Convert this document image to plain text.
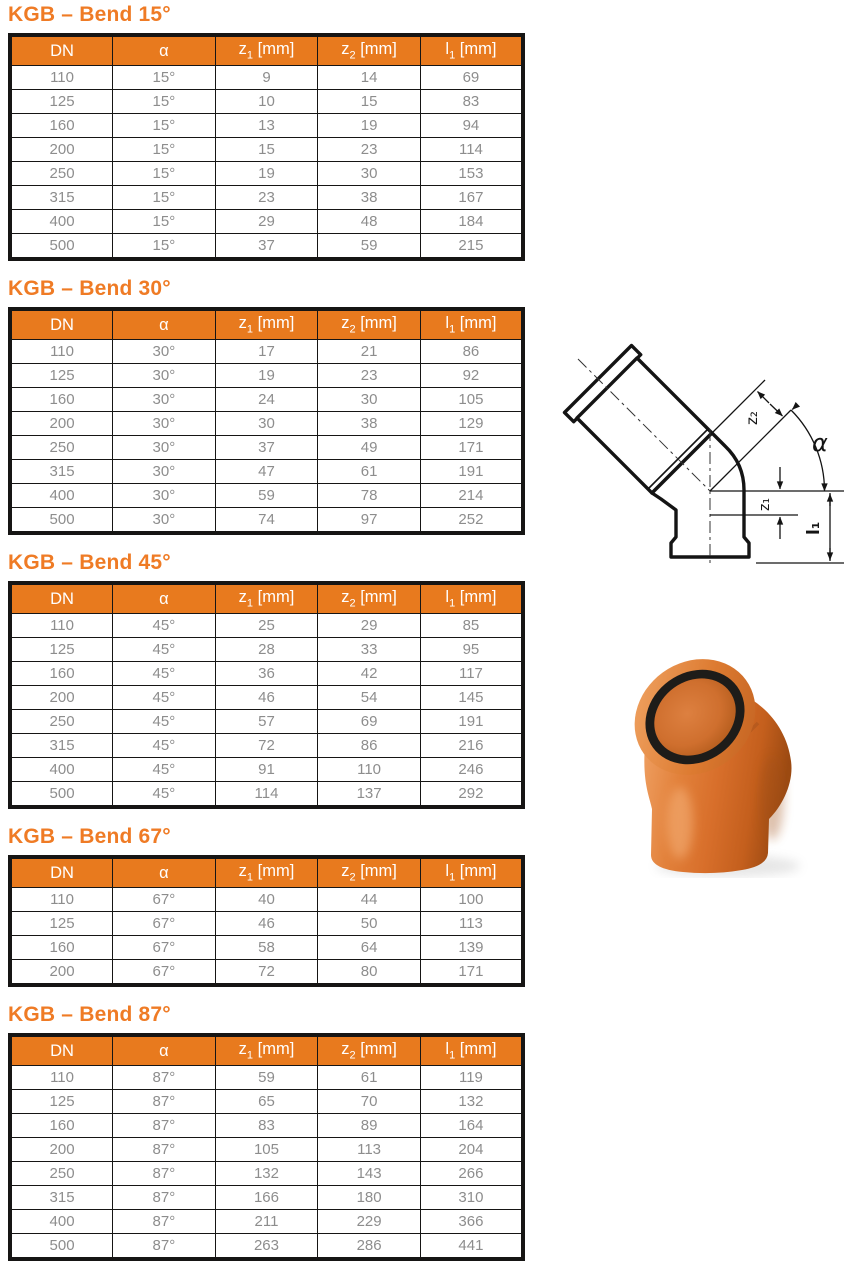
KGB – Bend 15°
DN	α	$z_1$ [mm]	$z_2$ [mm]	$l_1$ [mm]
110	15°	9	14	69
125	15°	10	15	83
160	15°	13	19	94
200	15°	15	23	114
250	15°	19	30	153
315	15°	23	38	167
400	15°	29	48	184
500	15°	37	59	215
KGB – Bend 30°
DN	α	$z_1$ [mm]	$z_2$ [mm]	$l_1$ [mm]
110	30°	17	21	86
125	30°	19	23	92
160	30°	24	30	105
200	30°	30	38	129
250	30°	37	49	171
315	30°	47	61	191
400	30°	59	78	214
500	30°	74	97	252
KGB – Bend 45°
DN	α	$z_1$ [mm]	$z_2$ [mm]	$l_1$ [mm]
110	45°	25	29	85
125	45°	28	33	95
160	45°	36	42	117
200	45°	46	54	145
250	45°	57	69	191
315	45°	72	86	216
400	45°	91	110	246
500	45°	114	137	292
KGB – Bend 67°
DN	α	$z_1$ [mm]	$z_2$ [mm]	$l_1$ [mm]
110	67°	40	44	100
125	67°	46	50	113
160	67°	58	64	139
200	67°	72	80	171
KGB – Bend 87°
DN	α	$z_1$ [mm]	$z_2$ [mm]	$l_1$ [mm]
110	87°	59	61	119
125	87°	65	70	132
160	87°	83	89	164
200	87°	105	113	204
250	87°	132	143	266
315	87°	166	180	310
400	87°	211	229	366
500	87°	263	286	441
z₂
α
z₁
l₁
